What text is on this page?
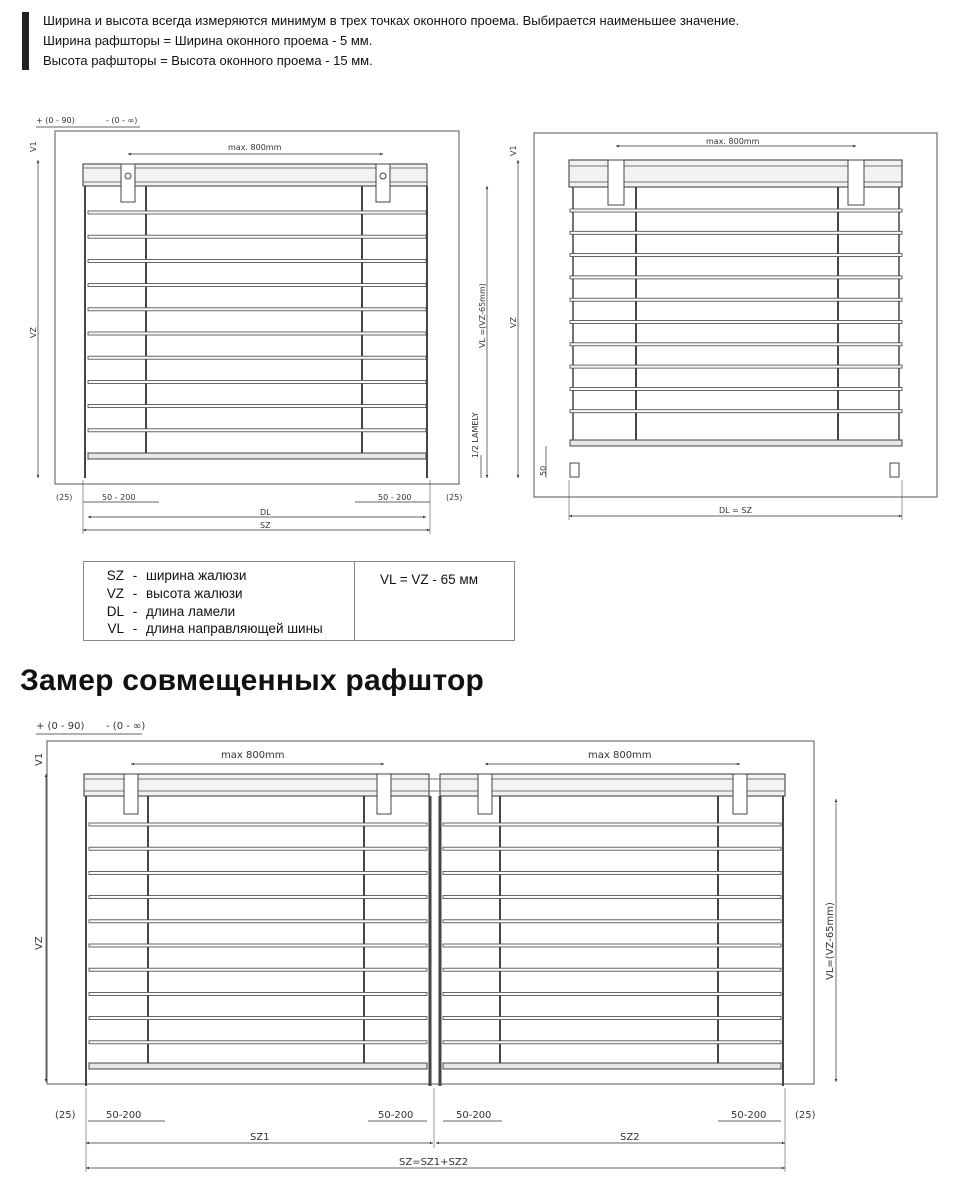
Ширина и высота всегда измеряются минимум в трех точках оконного проема. Выбирается наименьшее значение.
Ширина рафшторы = Ширина оконного проема - 5 мм.
Высота рафшторы = Высота оконного проема - 15 мм.
+ (0 - 90)	- (0 - ∞)
max. 800mm
V1
VZ	VL =(VZ-65mm)
1/2 LAMELY
(25)	(25)
50 - 200	50 - 200
DL
SZ
max. 800mm
V1
VZ
50
DL = SZ
+ (0 - 90) - (0 - ∞)
max 800mm	max 800mm
V1
VZ	VL=(VZ-65mm)
(25)	(25)
50-200	50-200	50-200	50-200
SZ1	SZ2
SZ=SZ1+SZ2
SZ - ширина жалюзи
VZ - высота жалюзи
DL - длина ламели
VL - длина направляющей шины
VL = VZ - 65 мм
Замер совмещенных рафштор
